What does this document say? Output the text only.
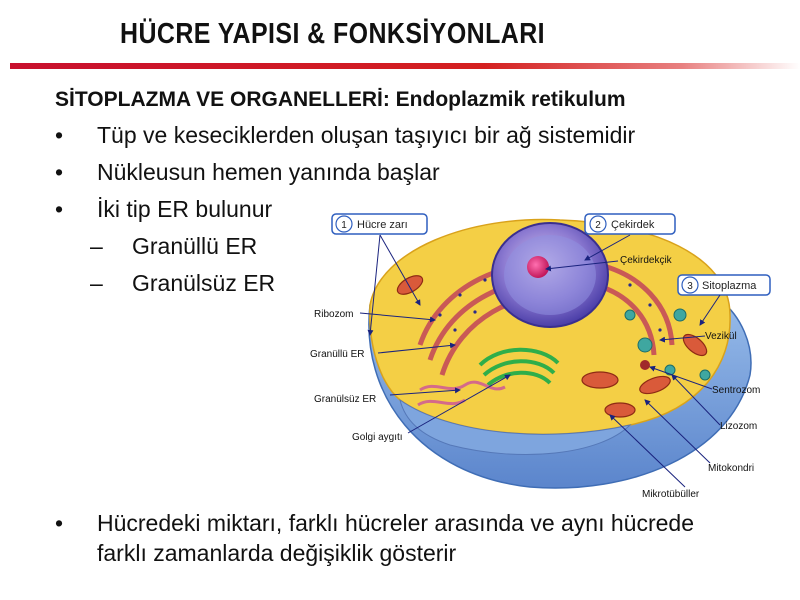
HÜCRE YAPISI & FONKSİYONLARI
SİTOPLAZMA VE ORGANELLERİ: Endoplazmik retikulum
• Tüp ve keseciklerden oluşan taşıyıcı bir ağ sistemidir
• Nükleusun hemen yanında başlar
• İki tip ER bulunur
– Granüllü ER
– Granülsüz ER
1 Hücre zarı	2 Çekirdek
3 Sitoplazma
Ribozom
Granüllü ER
Granülsüz ER
Golgi aygıtı
Çekirdekçik
Vezikül
Sentrozom
Lizozom
Mitokondri
Mikrotübüller
• Hücredeki miktarı, farklı hücreler arasında ve aynı hücrede farklı zamanlarda değişiklik gösterir
